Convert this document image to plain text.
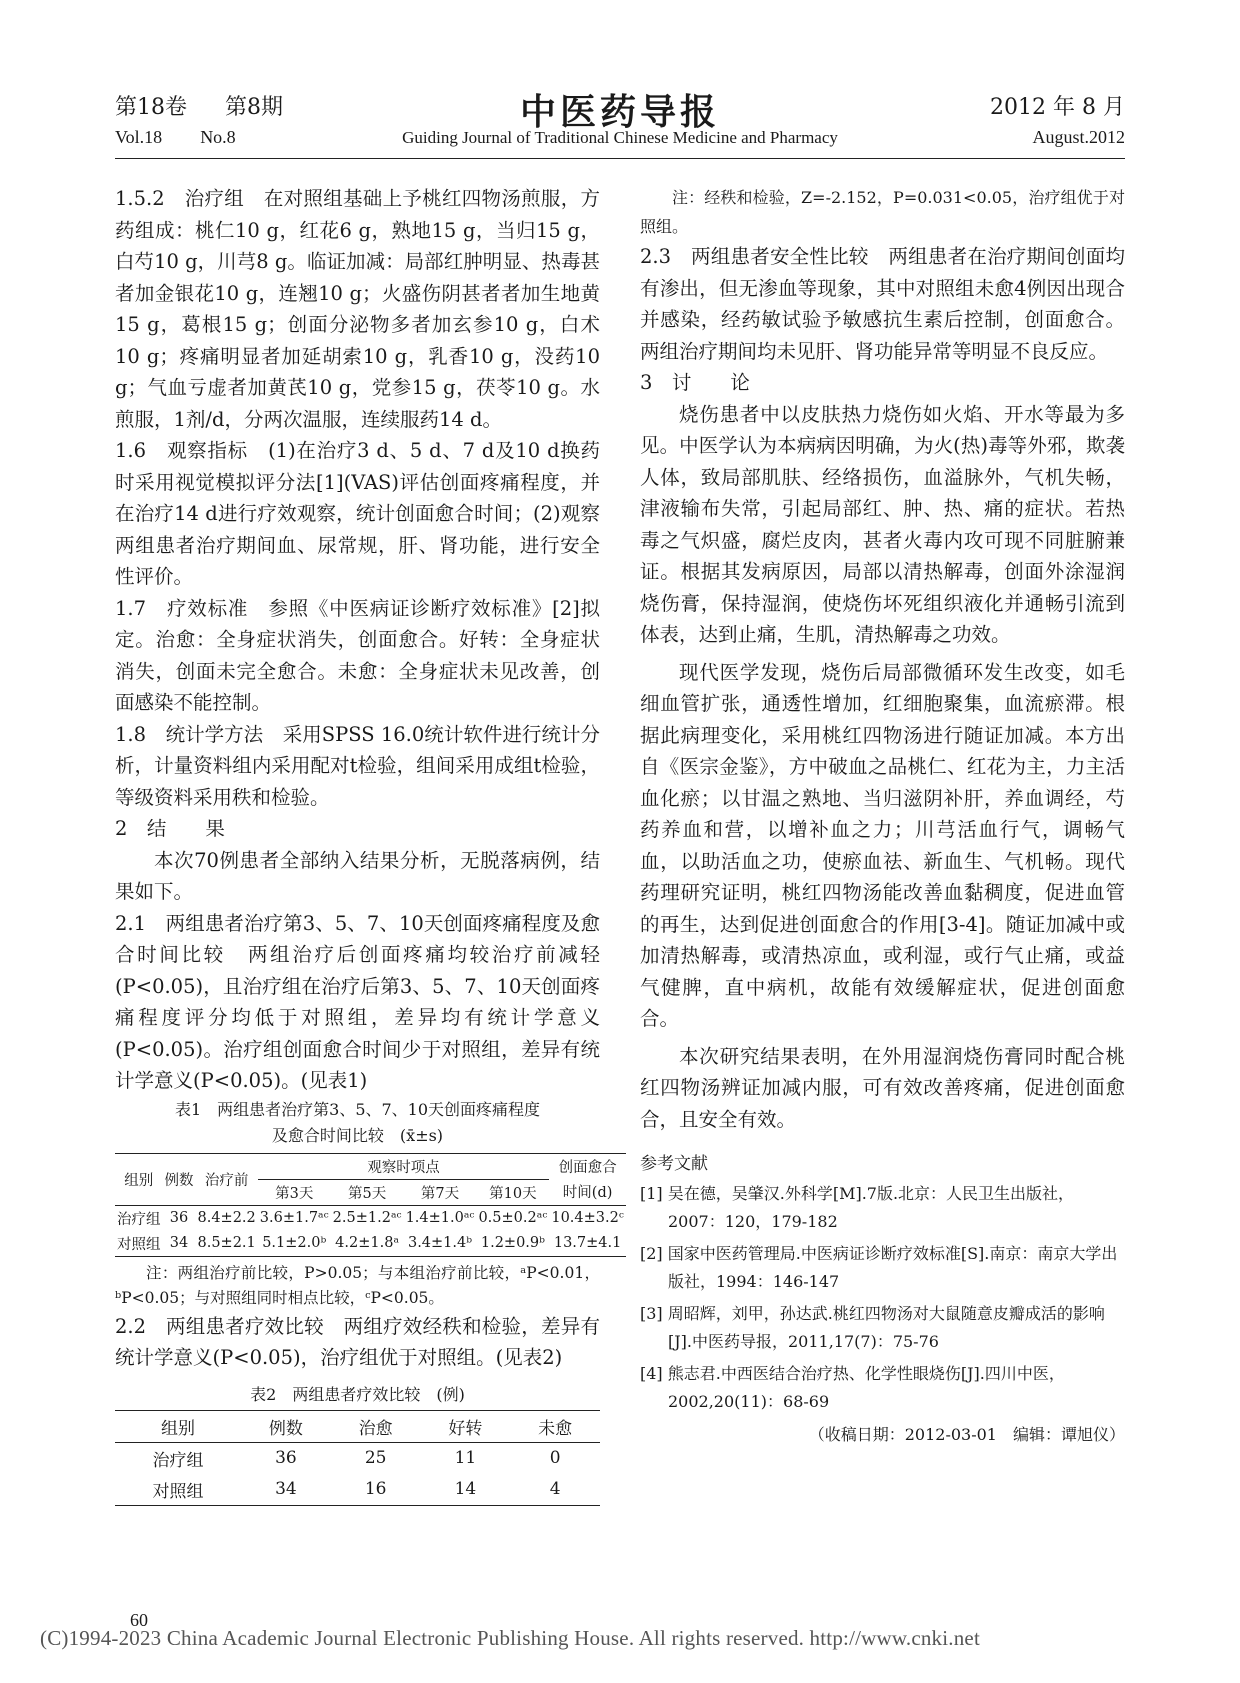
第18卷 第8期	中医药导报	2012 年 8 月
Vol.18 No.8	Guiding Journal of Traditional Chinese Medicine and Pharmacy	August.2012

1.5.2　治疗组　在对照组基础上予桃红四物汤煎服，方药组成：桃仁10 g，红花6 g，熟地15 g，当归15 g，白芍10 g，川芎8 g。临证加减：局部红肿明显、热毒甚者加金银花10 g，连翘10 g；火盛伤阴甚者者加生地黄15 g，葛根15 g；创面分泌物多者加玄参10 g，白术10 g；疼痛明显者加延胡索10 g，乳香10 g，没药10 g；气血亏虚者加黄芪10 g，党参15 g，茯苓10 g。水煎服，1剂/d，分两次温服，连续服药14 d。

1.6　观察指标　(1)在治疗3 d、5 d、7 d及10 d换药时采用视觉模拟评分法[1](VAS)评估创面疼痛程度，并在治疗14 d进行疗效观察，统计创面愈合时间；(2)观察两组患者治疗期间血、尿常规，肝、肾功能，进行安全性评价。

1.7　疗效标准　参照《中医病证诊断疗效标准》[2]拟定。治愈：全身症状消失，创面愈合。好转：全身症状消失，创面未完全愈合。未愈：全身症状未见改善，创面感染不能控制。

1.8　统计学方法　采用SPSS 16.0统计软件进行统计分析，计量资料组内采用配对t检验，组间采用成组t检验，等级资料采用秩和检验。

2　结　　果

本次70例患者全部纳入结果分析，无脱落病例，结果如下。

2.1　两组患者治疗第3、5、7、10天创面疼痛程度及愈合时间比较　两组治疗后创面疼痛均较治疗前减轻(P<0.05)，且治疗组在治疗后第3、5、7、10天创面疼痛程度评分均低于对照组，差异均有统计学意义(P<0.05)。治疗组创面愈合时间少于对照组，差异有统计学意义(P<0.05)。(见表1)

表1　两组患者治疗第3、5、7、10天创面疼痛程度
及愈合时间比较　(x̄±s)
组别	例数	治疗前	观察时项点				创面愈合
			第3天	第5天	第7天	第10天	时间(d)
治疗组	36	8.4±2.2	3.6±1.7ᵃᶜ	2.5±1.2ᵃᶜ	1.4±1.0ᵃᶜ	0.5±0.2ᵃᶜ	10.4±3.2ᶜ
对照组	34	8.5±2.1	5.1±2.0ᵇ	4.2±1.8ᵃ	3.4±1.4ᵇ	1.2±0.9ᵇ	13.7±4.1

注：两组治疗前比较，P>0.05；与本组治疗前比较，ᵃP<0.01，ᵇP<0.05；与对照组同时相点比较，ᶜP<0.05。

2.2　两组患者疗效比较　两组疗效经秩和检验，差异有统计学意义(P<0.05)，治疗组优于对照组。(见表2)

表2　两组患者疗效比较　(例)
组别	例数	治愈	好转	未愈
治疗组	36	25	11	0
对照组	34	16	14	4

注：经秩和检验，Z=-2.152，P=0.031<0.05，治疗组优于对照组。

2.3　两组患者安全性比较　两组患者在治疗期间创面均有渗出，但无渗血等现象，其中对照组未愈4例因出现合并感染，经药敏试验予敏感抗生素后控制，创面愈合。两组治疗期间均未见肝、肾功能异常等明显不良反应。

3　讨　　论

烧伤患者中以皮肤热力烧伤如火焰、开水等最为多见。中医学认为本病病因明确，为火(热)毒等外邪，欺袭人体，致局部肌肤、经络损伤，血溢脉外，气机失畅，津液输布失常，引起局部红、肿、热、痛的症状。若热毒之气炽盛，腐烂皮肉，甚者火毒内攻可现不同脏腑兼证。根据其发病原因，局部以清热解毒，创面外涂湿润烧伤膏，保持湿润，使烧伤坏死组织液化并通畅引流到体表，达到止痛，生肌，清热解毒之功效。

现代医学发现，烧伤后局部微循环发生改变，如毛细血管扩张，通透性增加，红细胞聚集，血流瘀滞。根据此病理变化，采用桃红四物汤进行随证加减。本方出自《医宗金鉴》，方中破血之品桃仁、红花为主，力主活血化瘀；以甘温之熟地、当归滋阴补肝，养血调经，芍药养血和营，以增补血之力；川芎活血行气，调畅气血，以助活血之功，使瘀血祛、新血生、气机畅。现代药理研究证明，桃红四物汤能改善血黏稠度，促进血管的再生，达到促进创面愈合的作用[3-4]。随证加减中或加清热解毒，或清热凉血，或利湿，或行气止痛，或益气健脾，直中病机，故能有效缓解症状，促进创面愈合。

本次研究结果表明，在外用湿润烧伤膏同时配合桃红四物汤辨证加减内服，可有效改善疼痛，促进创面愈合，且安全有效。

参考文献
[1] 吴在德，吴肇汉.外科学[M].7版.北京：人民卫生出版社，2007：120，179-182
[2] 国家中医药管理局.中医病证诊断疗效标准[S].南京：南京大学出版社，1994：146-147
[3] 周昭辉，刘甲，孙达武.桃红四物汤对大鼠随意皮瓣成活的影响[J].中医药导报，2011,17(7)：75-76
[4] 熊志君.中西医结合治疗热、化学性眼烧伤[J].四川中医，2002,20(11)：68-69
（收稿日期：2012-03-01　编辑：谭旭仪）
60
(C)1994-2023 China Academic Journal Electronic Publishing House. All rights reserved. http://www.cnki.net
